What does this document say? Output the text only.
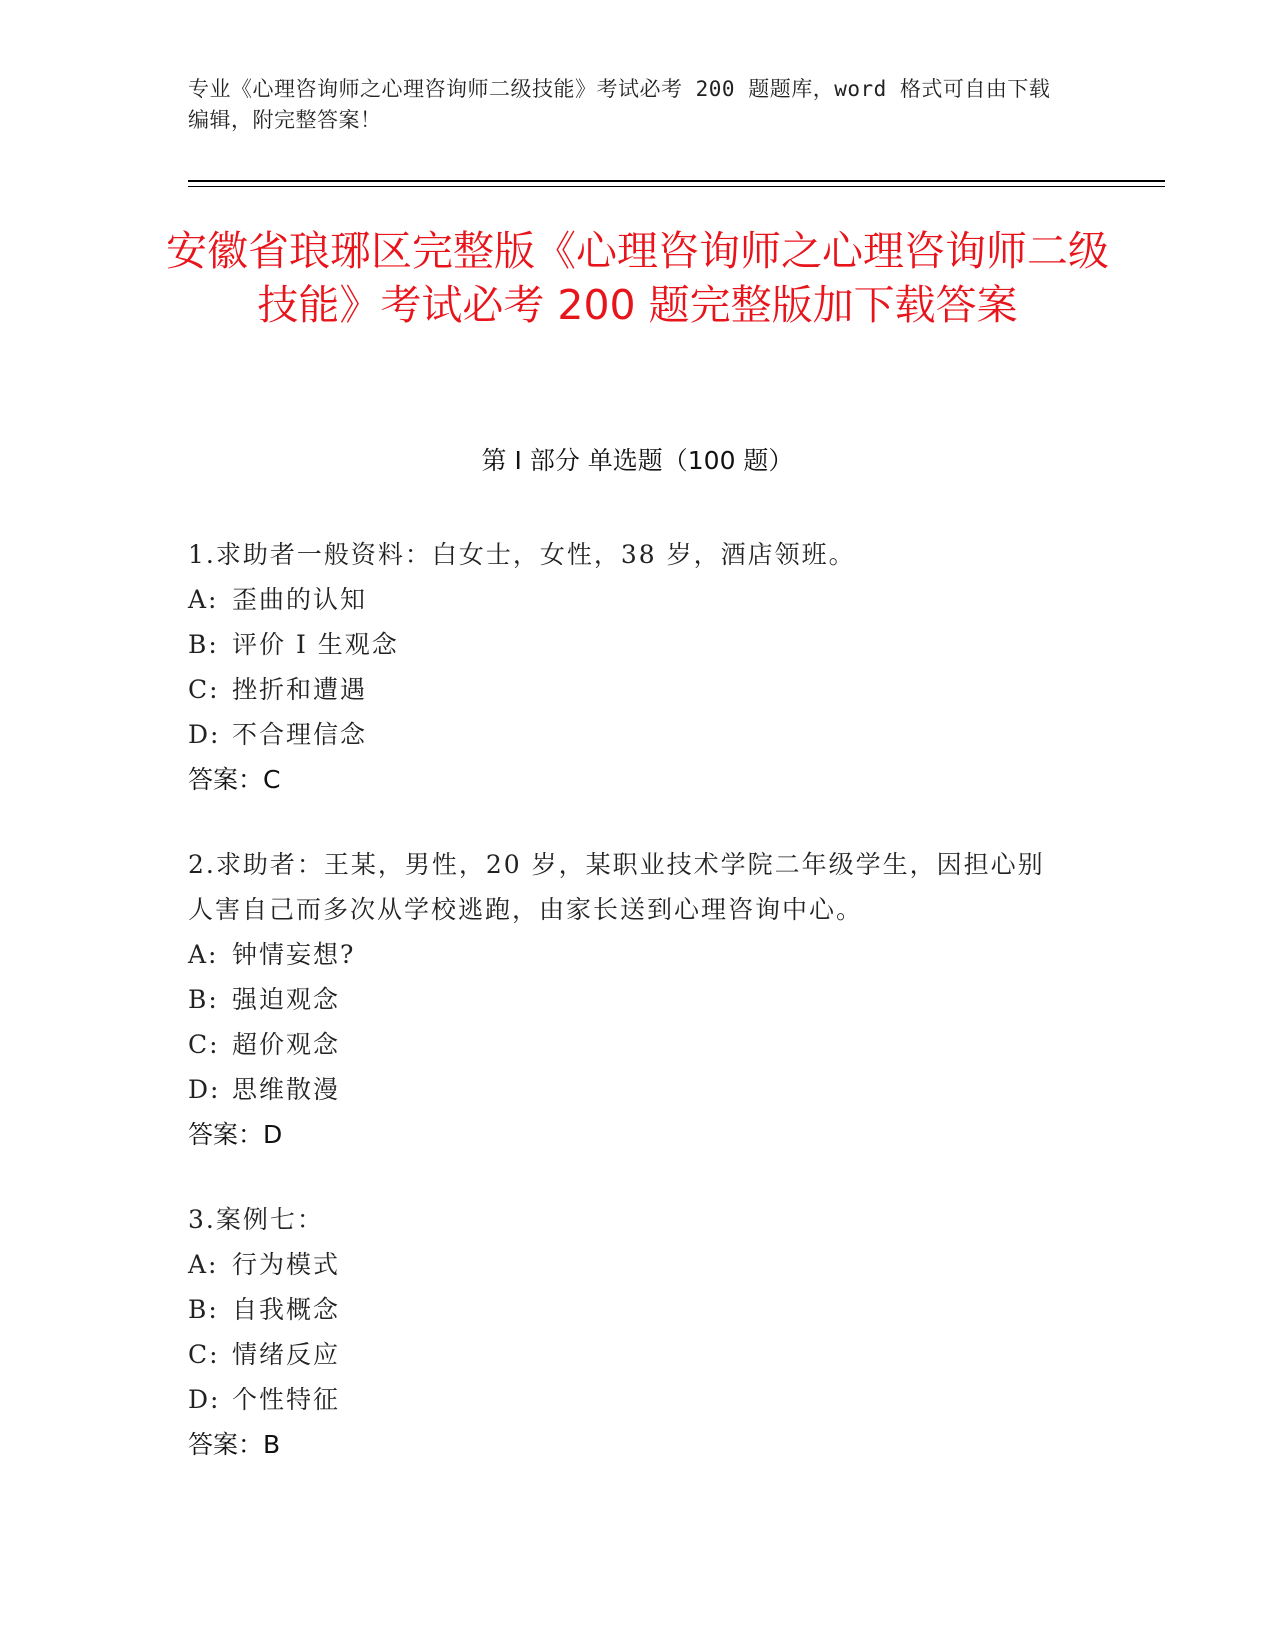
专业《心理咨询师之心理咨询师二级技能》考试必考 200 题题库，word 格式可自由下载编辑，附完整答案！
安徽省琅琊区完整版《心理咨询师之心理咨询师二级技能》考试必考 200 题完整版加下载答案
第 I 部分 单选题（100 题）
1.求助者一般资料：白女士，女性，38 岁，酒店领班。
A: 歪曲的认知
B: 评价 I 生观念
C: 挫折和遭遇
D: 不合理信念
答案：C
2.求助者：王某，男性，20 岁，某职业技术学院二年级学生，因担心别人害自己而多次从学校逃跑，由家长送到心理咨询中心。
A: 钟情妄想?
B: 强迫观念
C: 超价观念
D: 思维散漫
答案：D
3.案例七：
A: 行为模式
B: 自我概念
C: 情绪反应
D: 个性特征
答案：B
